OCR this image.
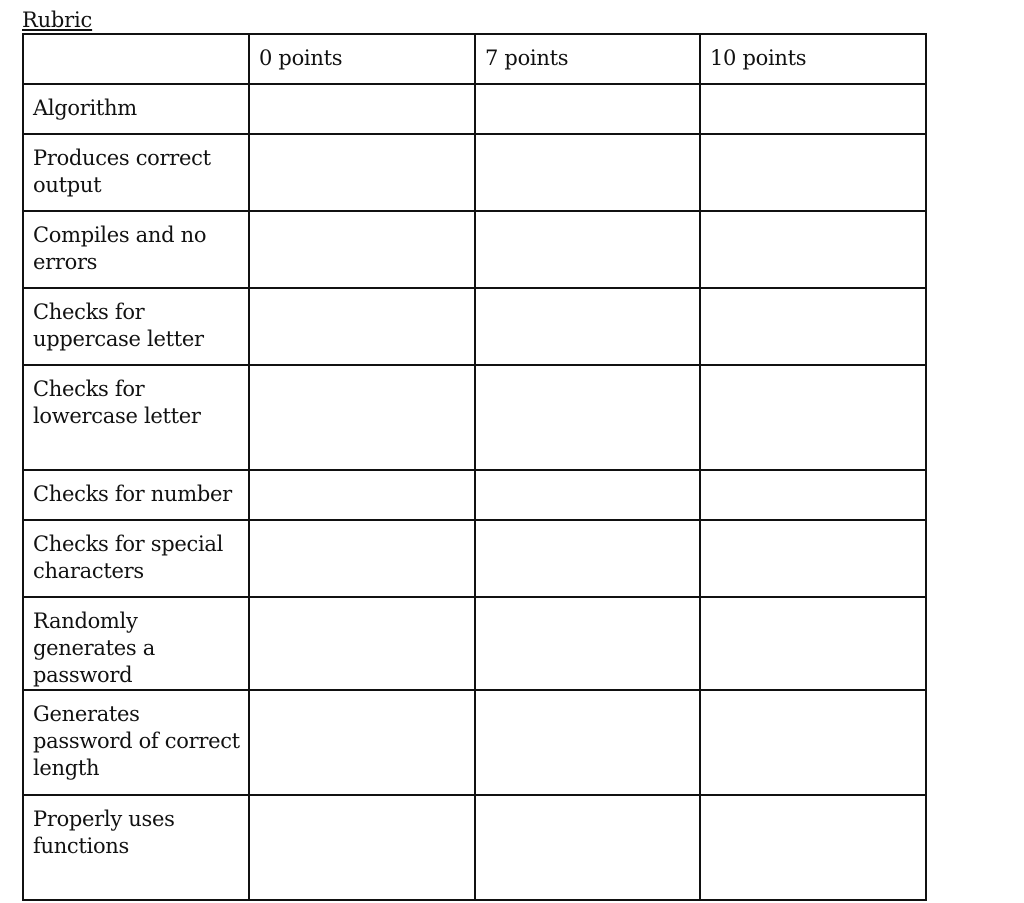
Rubric

	0 points	7 points	10 points

Algorithm			

Produces correct output			

Compiles and no errors			

Checks for uppercase letter			

Checks for lowercase letter			

Checks for number			

Checks for special characters			

Randomly generates a password			

Generates password of correct length			

Properly uses functions			
